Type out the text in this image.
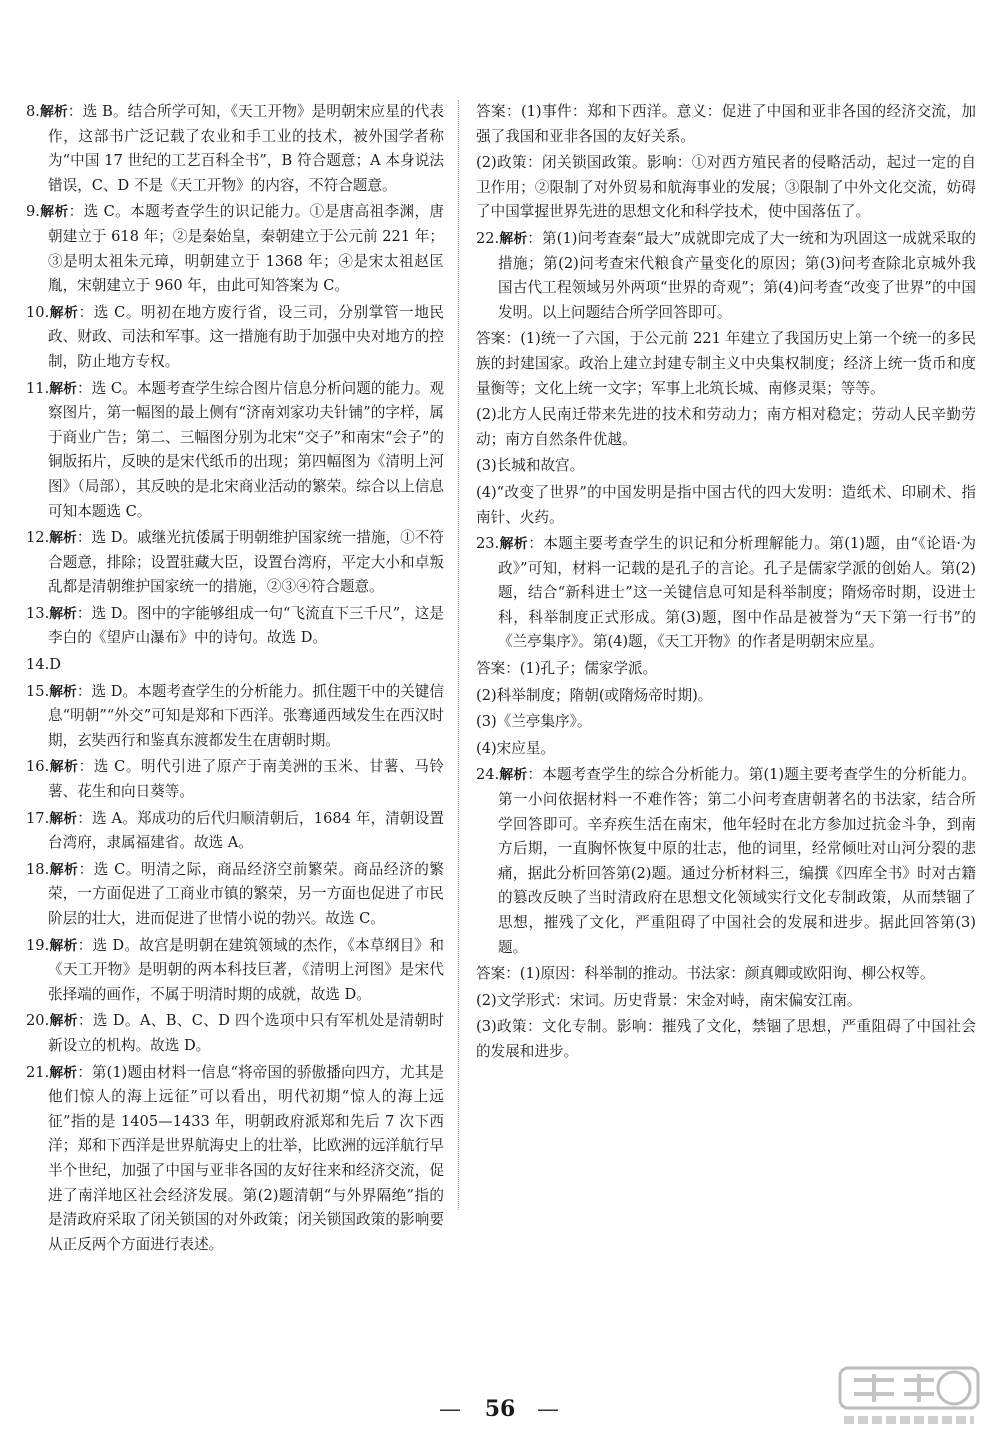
8.解析：选 B。结合所学可知，《天工开物》是明朝宋应星的代表作，这部书广泛记载了农业和手工业的技术，被外国学者称为“中国 17 世纪的工艺百科全书”，B 符合题意；A 本身说法错误，C、D 不是《天工开物》的内容，不符合题意。
9.解析：选 C。本题考查学生的识记能力。①是唐高祖李渊，唐朝建立于 618 年；②是秦始皇，秦朝建立于公元前 221 年；③是明太祖朱元璋，明朝建立于 1368 年；④是宋太祖赵匡胤，宋朝建立于 960 年，由此可知答案为 C。
10.解析：选 C。明初在地方废行省，设三司，分别掌管一地民政、财政、司法和军事。这一措施有助于加强中央对地方的控制，防止地方专权。
11.解析：选 C。本题考查学生综合图片信息分析问题的能力。观察图片，第一幅图的最上侧有“济南刘家功夫针铺”的字样，属于商业广告；第二、三幅图分别为北宋“交子”和南宋“会子”的铜版拓片，反映的是宋代纸币的出现；第四幅图为《清明上河图》（局部），其反映的是北宋商业活动的繁荣。综合以上信息可知本题选 C。
12.解析：选 D。戚继光抗倭属于明朝维护国家统一措施，①不符合题意，排除；设置驻藏大臣，设置台湾府，平定大小和卓叛乱都是清朝维护国家统一的措施，②③④符合题意。
13.解析：选 D。图中的字能够组成一句“飞流直下三千尺”，这是李白的《望庐山瀑布》中的诗句。故选 D。
14.D
15.解析：选 D。本题考查学生的分析能力。抓住题干中的关键信息“明朝”“外交”可知是郑和下西洋。张骞通西域发生在西汉时期，玄奘西行和鉴真东渡都发生在唐朝时期。
16.解析：选 C。明代引进了原产于南美洲的玉米、甘薯、马铃薯、花生和向日葵等。
17.解析：选 A。郑成功的后代归顺清朝后，1684 年，清朝设置台湾府，隶属福建省。故选 A。
18.解析：选 C。明清之际，商品经济空前繁荣。商品经济的繁荣，一方面促进了工商业市镇的繁荣，另一方面也促进了市民阶层的壮大，进而促进了世情小说的勃兴。故选 C。
19.解析：选 D。故宫是明朝在建筑领域的杰作，《本草纲目》和《天工开物》是明朝的两本科技巨著，《清明上河图》是宋代张择端的画作，不属于明清时期的成就，故选 D。
20.解析：选 D。A、B、C、D 四个选项中只有军机处是清朝时新设立的机构。故选 D。
21.解析：第(1)题由材料一信息“将帝国的骄傲播向四方，尤其是他们惊人的海上远征”可以看出，明代初期“惊人的海上远征”指的是 1405—1433 年，明朝政府派郑和先后 7 次下西洋；郑和下西洋是世界航海史上的壮举，比欧洲的远洋航行早半个世纪，加强了中国与亚非各国的友好往来和经济交流，促进了南洋地区社会经济发展。第(2)题清朝“与外界隔绝”指的是清政府采取了闭关锁国的对外政策；闭关锁国政策的影响要从正反两个方面进行表述。
答案：(1)事件：郑和下西洋。意义：促进了中国和亚非各国的经济交流，加强了我国和亚非各国的友好关系。
(2)政策：闭关锁国政策。影响：①对西方殖民者的侵略活动，起过一定的自卫作用；②限制了对外贸易和航海事业的发展；③限制了中外文化交流，妨碍了中国掌握世界先进的思想文化和科学技术，使中国落伍了。
22.解析：第(1)问考查秦“最大”成就即完成了大一统和为巩固这一成就采取的措施；第(2)问考查宋代粮食产量变化的原因；第(3)问考查除北京城外我国古代工程领域另外两项“世界的奇观”；第(4)问考查“改变了世界”的中国发明。以上问题结合所学回答即可。
答案：(1)统一了六国，于公元前 221 年建立了我国历史上第一个统一的多民族的封建国家。政治上建立封建专制主义中央集权制度；经济上统一货币和度量衡等；文化上统一文字；军事上北筑长城、南修灵渠；等等。
(2)北方人民南迁带来先进的技术和劳动力；南方相对稳定；劳动人民辛勤劳动；南方自然条件优越。
(3)长城和故宫。
(4)“改变了世界”的中国发明是指中国古代的四大发明：造纸术、印刷术、指南针、火药。
23.解析：本题主要考查学生的识记和分析理解能力。第(1)题，由“《论语·为政》”可知，材料一记载的是孔子的言论。孔子是儒家学派的创始人。第(2)题，结合“新科进士”这一关键信息可知是科举制度；隋炀帝时期，设进士科，科举制度正式形成。第(3)题，图中作品是被誉为“天下第一行书”的《兰亭集序》。第(4)题，《天工开物》的作者是明朝宋应星。
答案：(1)孔子；儒家学派。
(2)科举制度；隋朝(或隋炀帝时期)。
(3)《兰亭集序》。
(4)宋应星。
24.解析：本题考查学生的综合分析能力。第(1)题主要考查学生的分析能力。第一小问依据材料一不难作答；第二小问考查唐朝著名的书法家，结合所学回答即可。辛弃疾生活在南宋，他年轻时在北方参加过抗金斗争，到南方后期，一直胸怀恢复中原的壮志，他的词里，经常倾吐对山河分裂的悲痛，据此分析回答第(2)题。通过分析材料三，编撰《四库全书》时对古籍的篡改反映了当时清政府在思想文化领域实行文化专制政策，从而禁锢了思想，摧残了文化，严重阻碍了中国社会的发展和进步。据此回答第(3)题。
答案：(1)原因：科举制的推动。书法家：颜真卿或欧阳询、柳公权等。
(2)文学形式：宋词。历史背景：宋金对峙，南宋偏安江南。
(3)政策：文化专制。影响：摧残了文化，禁锢了思想，严重阻碍了中国社会的发展和进步。
— 56 —
